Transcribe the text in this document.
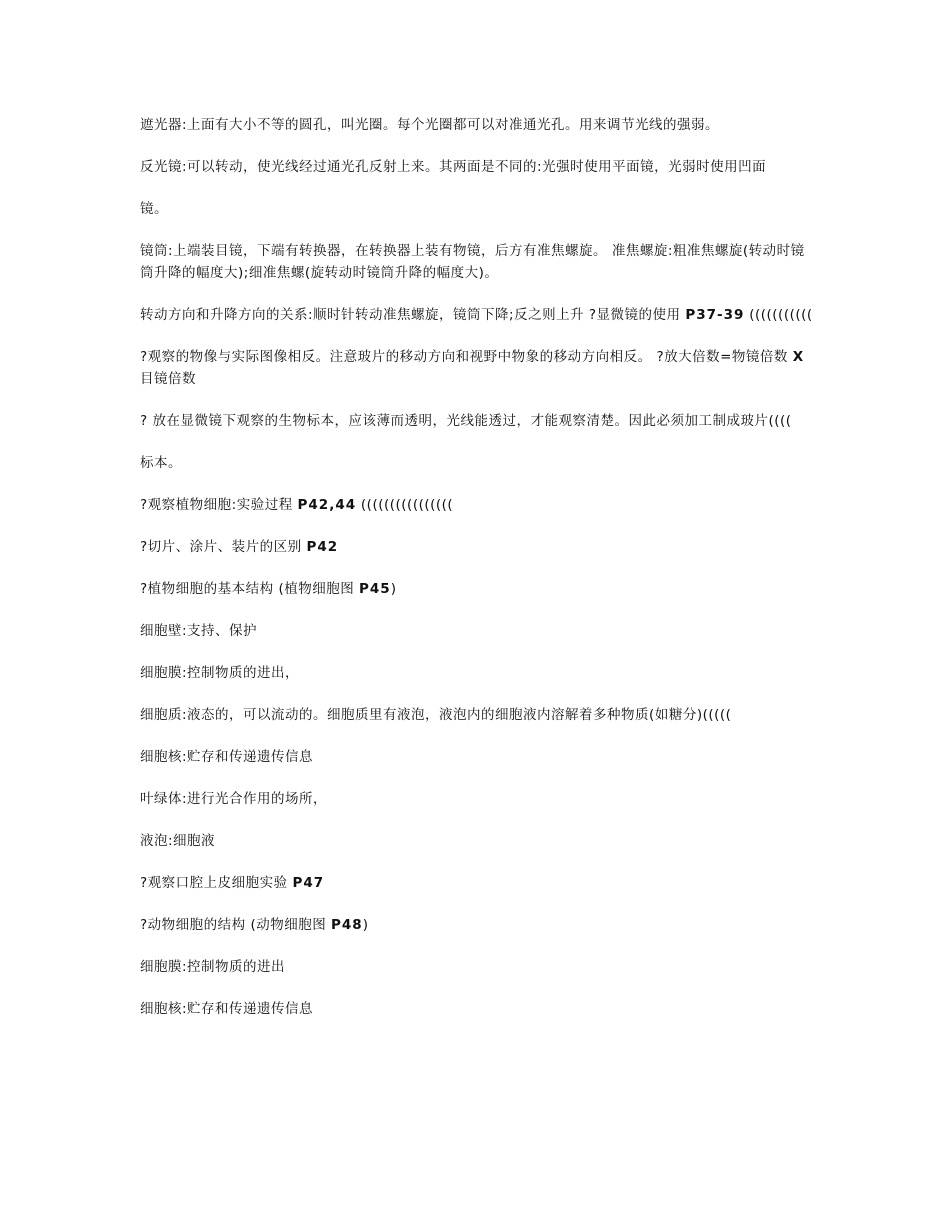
遮光器:上面有大小不等的圆孔，叫光圈。每个光圈都可以对准通光孔。用来调节光线的强弱。

反光镜:可以转动，使光线经过通光孔反射上来。其两面是不同的:光强时使用平面镜，光弱时使用凹面

镜。

镜筒:上端装目镜，下端有转换器，在转换器上装有物镜，后方有准焦螺旋。 准焦螺旋:粗准焦螺旋(转动时镜筒升降的幅度大);细准焦螺(旋转动时镜筒升降的幅度大)。

转动方向和升降方向的关系:顺时针转动准焦螺旋，镜筒下降;反之则上升 ?显微镜的使用 P37-39 (((((((((((

?观察的物像与实际图像相反。注意玻片的移动方向和视野中物象的移动方向相反。 ?放大倍数=物镜倍数 X 目镜倍数

? 放在显微镜下观察的生物标本，应该薄而透明，光线能透过，才能观察清楚。因此必须加工制成玻片((((

标本。

?观察植物细胞:实验过程 P42,44 ((((((((((((((((

?切片、涂片、装片的区别 P42

?植物细胞的基本结构 (植物细胞图 P45)

细胞壁:支持、保护

细胞膜:控制物质的进出，

细胞质:液态的，可以流动的。细胞质里有液泡，液泡内的细胞液内溶解着多种物质(如糖分)(((((

细胞核:贮存和传递遗传信息

叶绿体:进行光合作用的场所，

液泡:细胞液

?观察口腔上皮细胞实验 P47

?动物细胞的结构 (动物细胞图 P48)

细胞膜:控制物质的进出

细胞核:贮存和传递遗传信息
